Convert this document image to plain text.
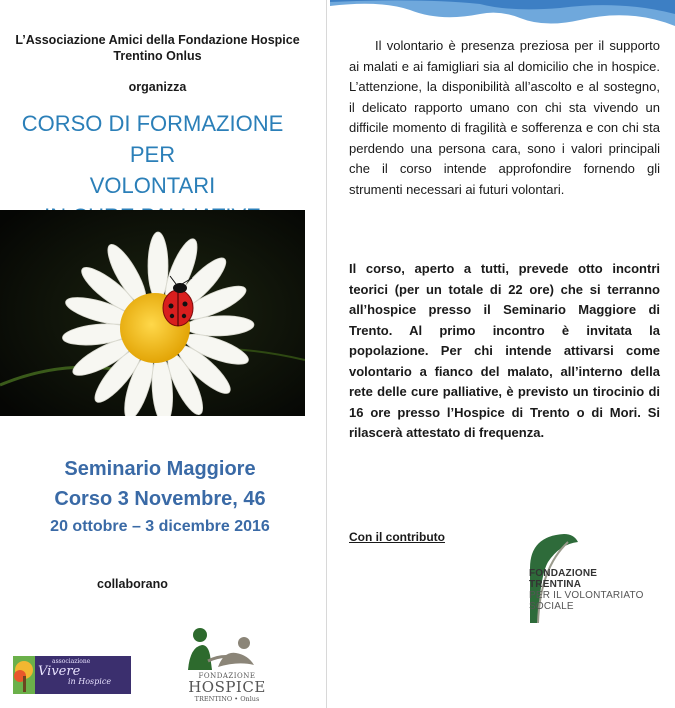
L’Associazione Amici della Fondazione Hospice
Trentino Onlus
organizza
CORSO DI FORMAZIONE PER
VOLONTARI
Seminario Maggiore
Corso 3 Novembre, 46
20 ottobre – 3 dicembre 2016
collaborano
associazione
Vivere
in Hospice
FONDAZIONE
HOSPICE
TRENTINO • Onlus
Il volontario è presenza preziosa per il supporto ai malati e ai famigliari sia al domicilio che in hospice. L’attenzione, la disponibilità all’ascolto e al sostegno, il delicato rapporto umano con chi sta vivendo un difficile momento di fragilità e sofferenza e con chi sta perdendo una persona cara, sono i valori principali che il corso intende approfondire fornendo gli strumenti necessari ai futuri volontari.
Il corso, aperto a tutti, prevede otto incontri teorici (per un totale di 22 ore) che si terranno all’hospice presso il Seminario Maggiore di Trento. Al primo incontro è invitata la popolazione. Per chi intende attivarsi come volontario a fianco del malato, all’interno della rete delle cure palliative, è previsto un tirocinio di 16 ore presso l’Hospice di Trento o di Mori. Si rilascerà attestato di frequenza.
Con il contributo
FONDAZIONE
TRENTINA
PER IL VOLONTARIATO
SOCIALE
